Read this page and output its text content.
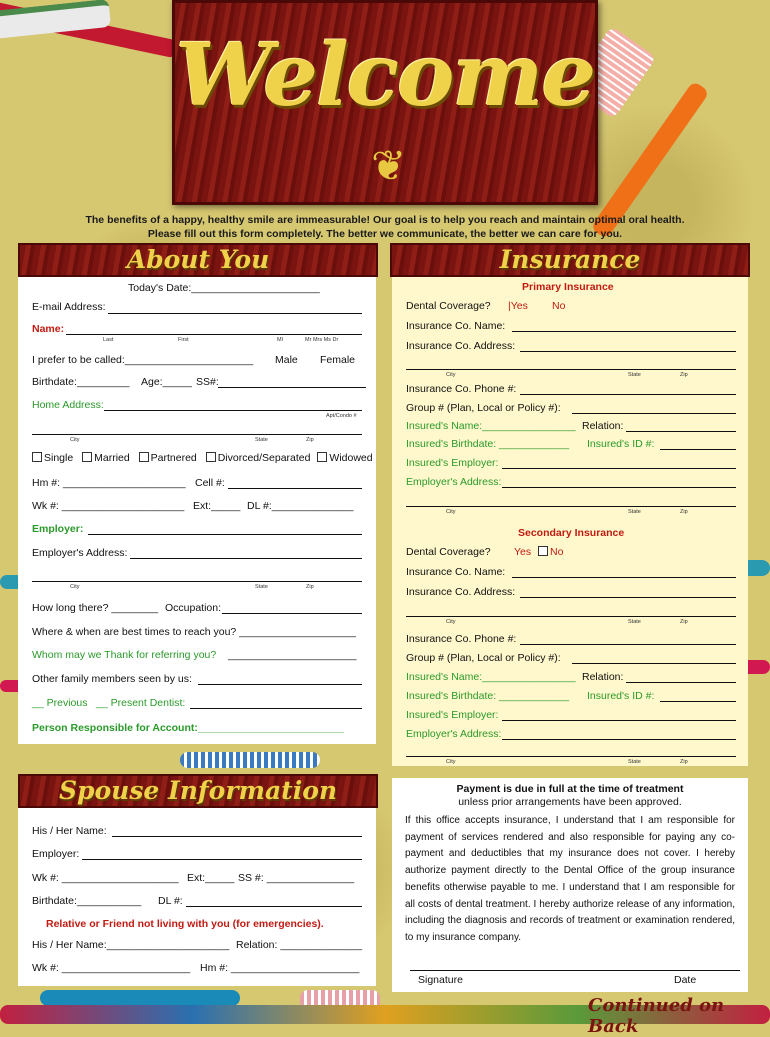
Welcome
❦
The benefits of a happy, healthy smile are immeasurable! Our goal is to help you reach and maintain optimal oral health.
Please fill out this form completely. The better we communicate, the better we can care for you.
About You
Today's Date:______________________
E-mail Address:
Name:
Last	First	MI	Mr Mrs Ms Dr
I prefer to be called:______________________ Male Female
Birthdate:_________ Age:_____ SS#:
Home Address:
Apt/Condo #
City	State	Zip
Single Married Partnered Divorced/Separated Widowed
Hm #: _____________________ Cell #:
Wk #: _____________________ Ext:_____ DL #:______________
Employer:
Employer's Address:
City	State	Zip
How long there? ________ Occupation:
Where & when are best times to reach you? ____________________
Whom may we Thank for referring you? ______________________
Other family members seen by us:
__ Previous __ Present Dentist:
Person Responsible for Account:_________________________
Insurance
Primary Insurance
Dental Coverage? |Yes No
Insurance Co. Name:
Insurance Co. Address:
City	State	Zip
Insurance Co. Phone #:
Group # (Plan, Local or Policy #):
Insured's Name:________________ Relation:
Insured's Birthdate: ____________ Insured's ID #:
Insured's Employer:
Employer's Address:
City	State	Zip
Secondary Insurance
Dental Coverage? Yes	No
Insurance Co. Name:
Insurance Co. Address:
City	State	Zip
Insurance Co. Phone #:
Group # (Plan, Local or Policy #):
Insured's Name:________________ Relation:
Insured's Birthdate: ____________ Insured's ID #:
Insured's Employer:
Employer's Address:
City	State	Zip
Spouse Information
His / Her Name:
Employer:
Wk #: ____________________ Ext:_____ SS #: _______________
Birthdate:___________ DL #:
Relative or Friend not living with you (for emergencies).
His / Her Name:_____________________ Relation: ______________
Wk #: ______________________ Hm #: ______________________
Payment is due in full at the time of treatment
unless prior arrangements have been approved.
If this office accepts insurance, I understand that I am responsible for payment of services rendered and also responsible for paying any co-payment and deductibles that my insurance does not cover. I hereby authorize payment directly to the Dental Office of the group insurance benefits otherwise payable to me. I understand that I am responsible for all costs of dental treatment. I hereby authorize release of any information, including the diagnosis and records of treatment or examination rendered, to my insurance company.
Signature	Date
Continued on Back
